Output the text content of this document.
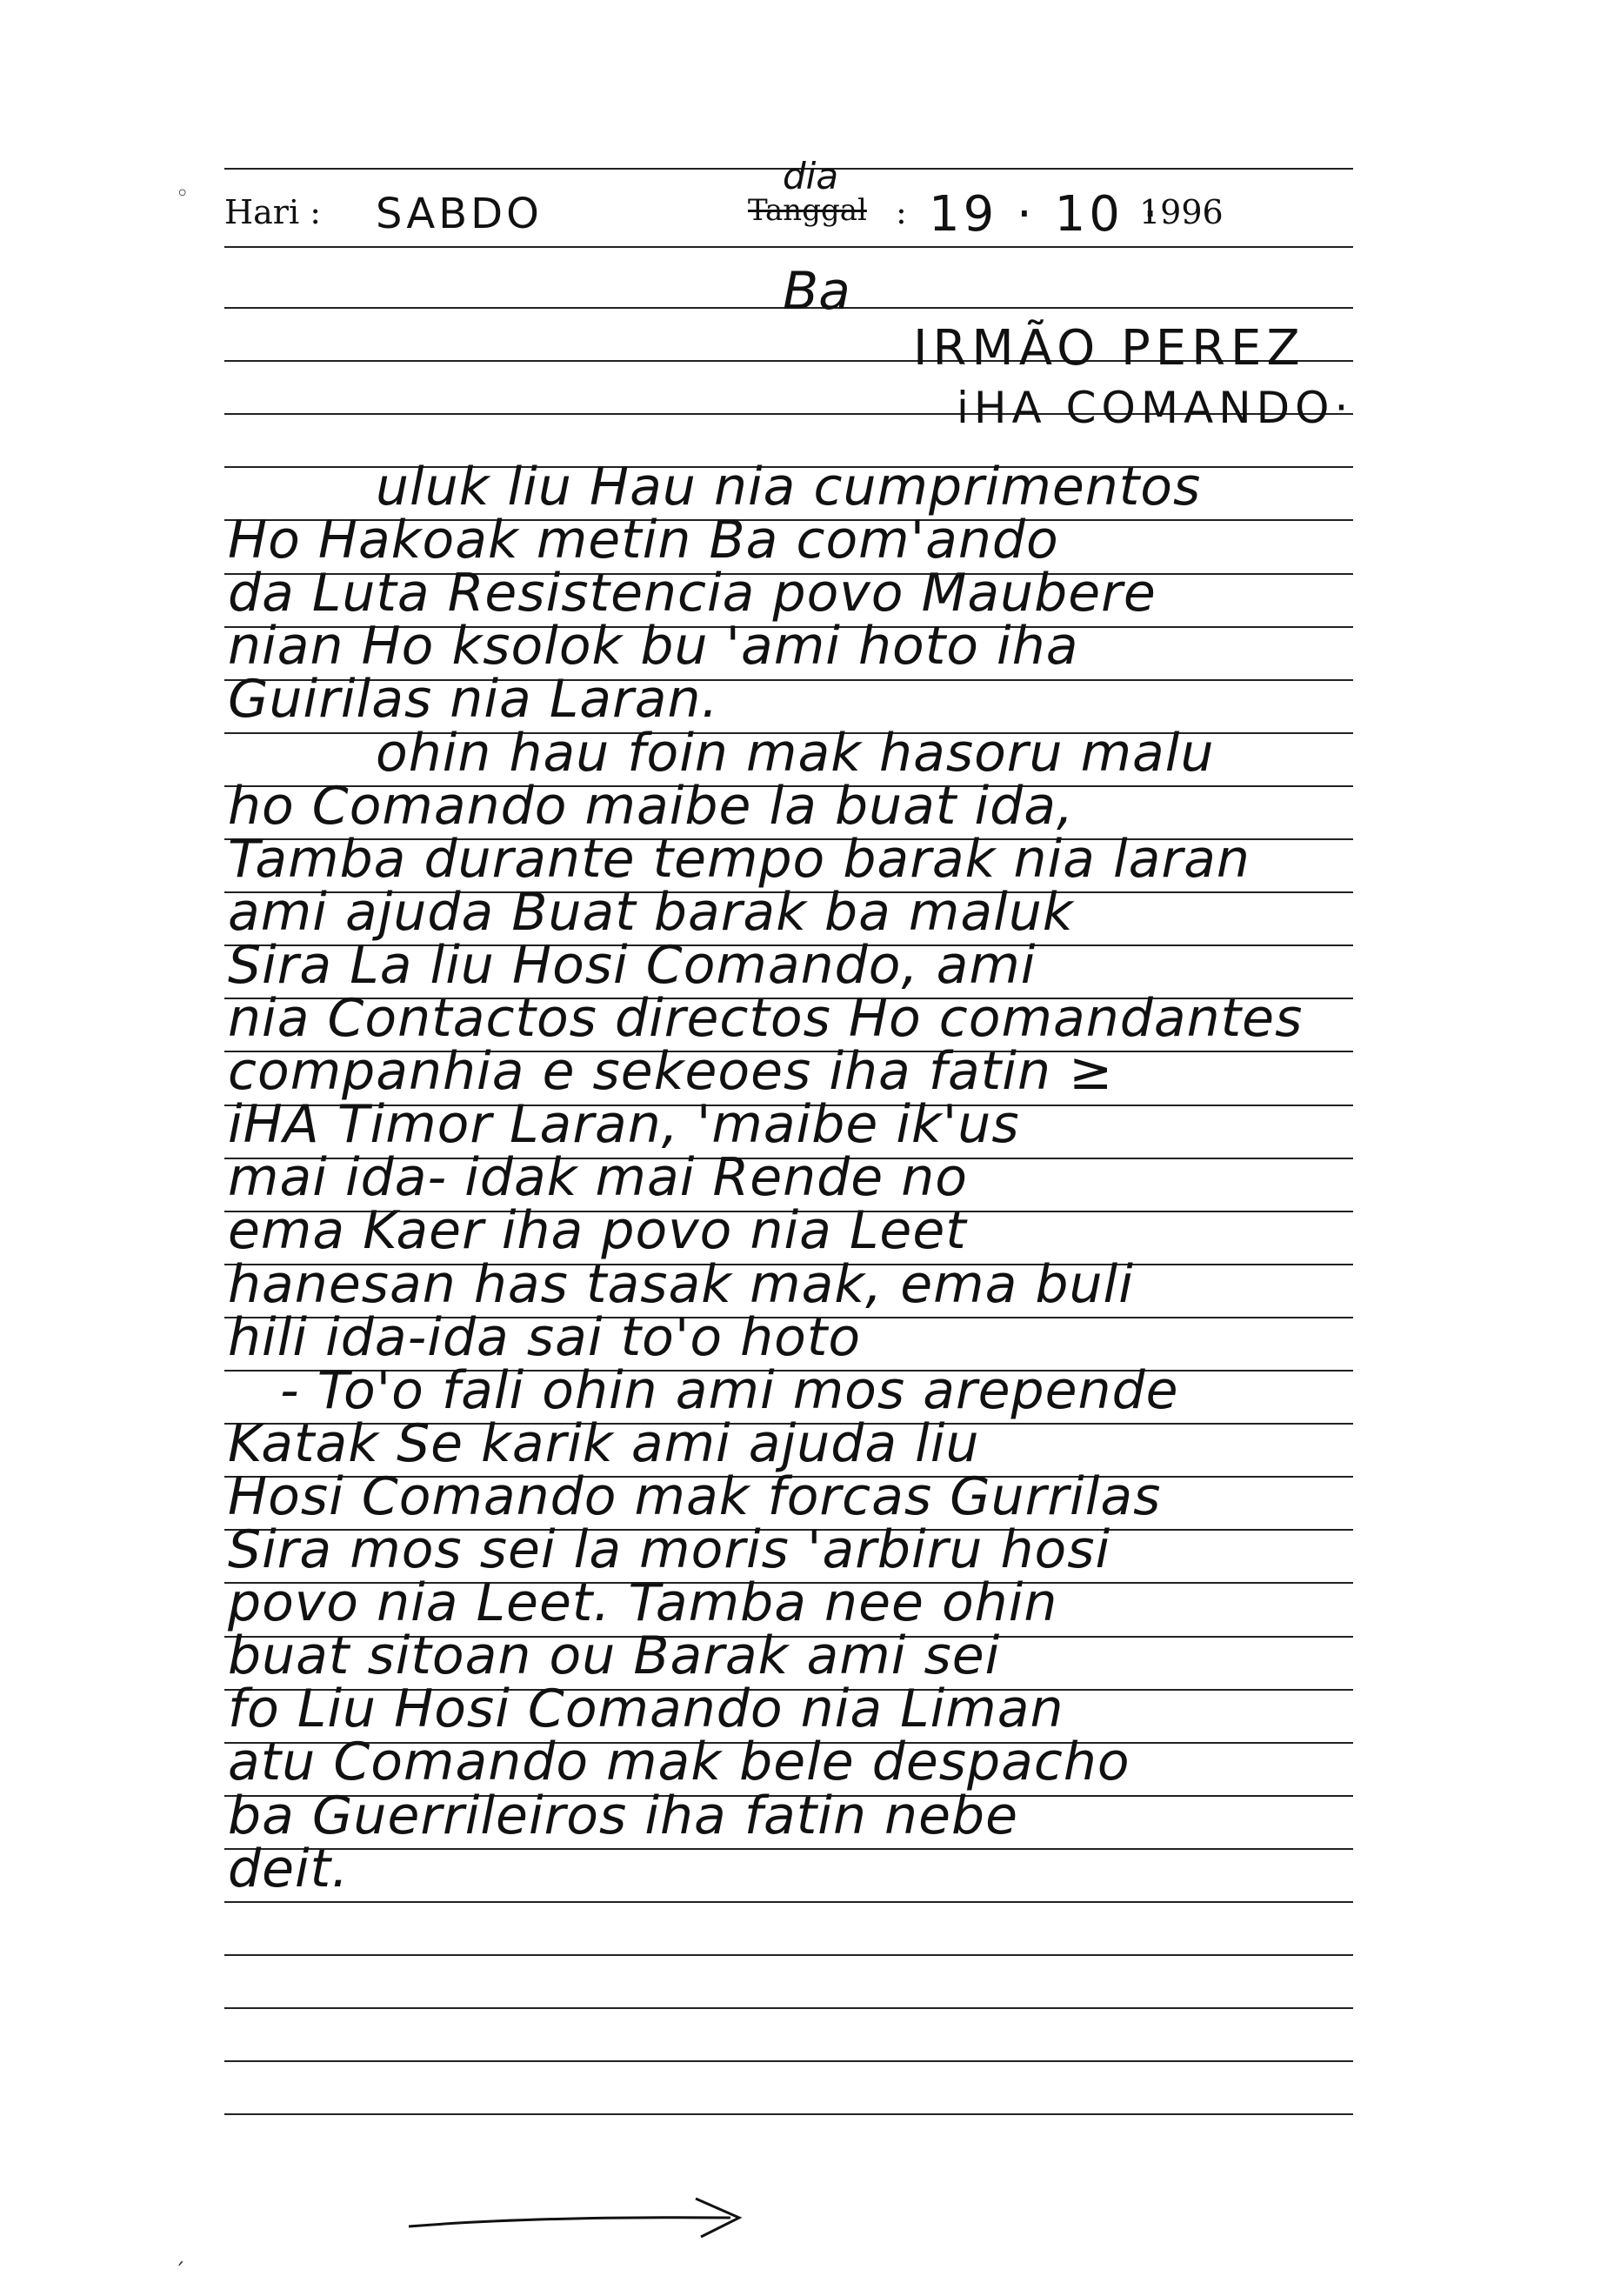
◦ Hari : SABDO
dia
Tanggal : 19 · 10 ·
1996
Ba
IRMÃO PEREZ
iHA COMANDO·
uluk liu Hau nia cumprimentos
Ho Hakoak metin Ba com'ando
da Luta Resistencia povo Maubere
nian Ho ksolok bu 'ami hoto iha
Guirilas nia Laran.
ohin hau foin mak hasoru malu
ho Comando maibe la buat ida,
Tamba durante tempo barak nia laran
ami ajuda Buat barak ba maluk
Sira La liu Hosi Comando, ami
nia Contactos directos Ho comandantes
companhia e sekeoes iha fatin ≥
iHA Timor Laran, 'maibe ik'us
mai ida- idak mai Rende no
ema Kaer iha povo nia Leet
hanesan has tasak mak, ema buli
hili ida-ida sai to'o hoto
- To'o fali ohin ami mos arepende
Katak Se karik ami ajuda liu
Hosi Comando mak forcas Gurrilas
Sira mos sei la moris 'arbiru hosi
povo nia Leet. Tamba nee ohin
buat sitoan ou Barak ami sei
fo Liu Hosi Comando nia Liman
atu Comando mak bele despacho
ba Guerrileiros iha fatin nebe
deit.
´
